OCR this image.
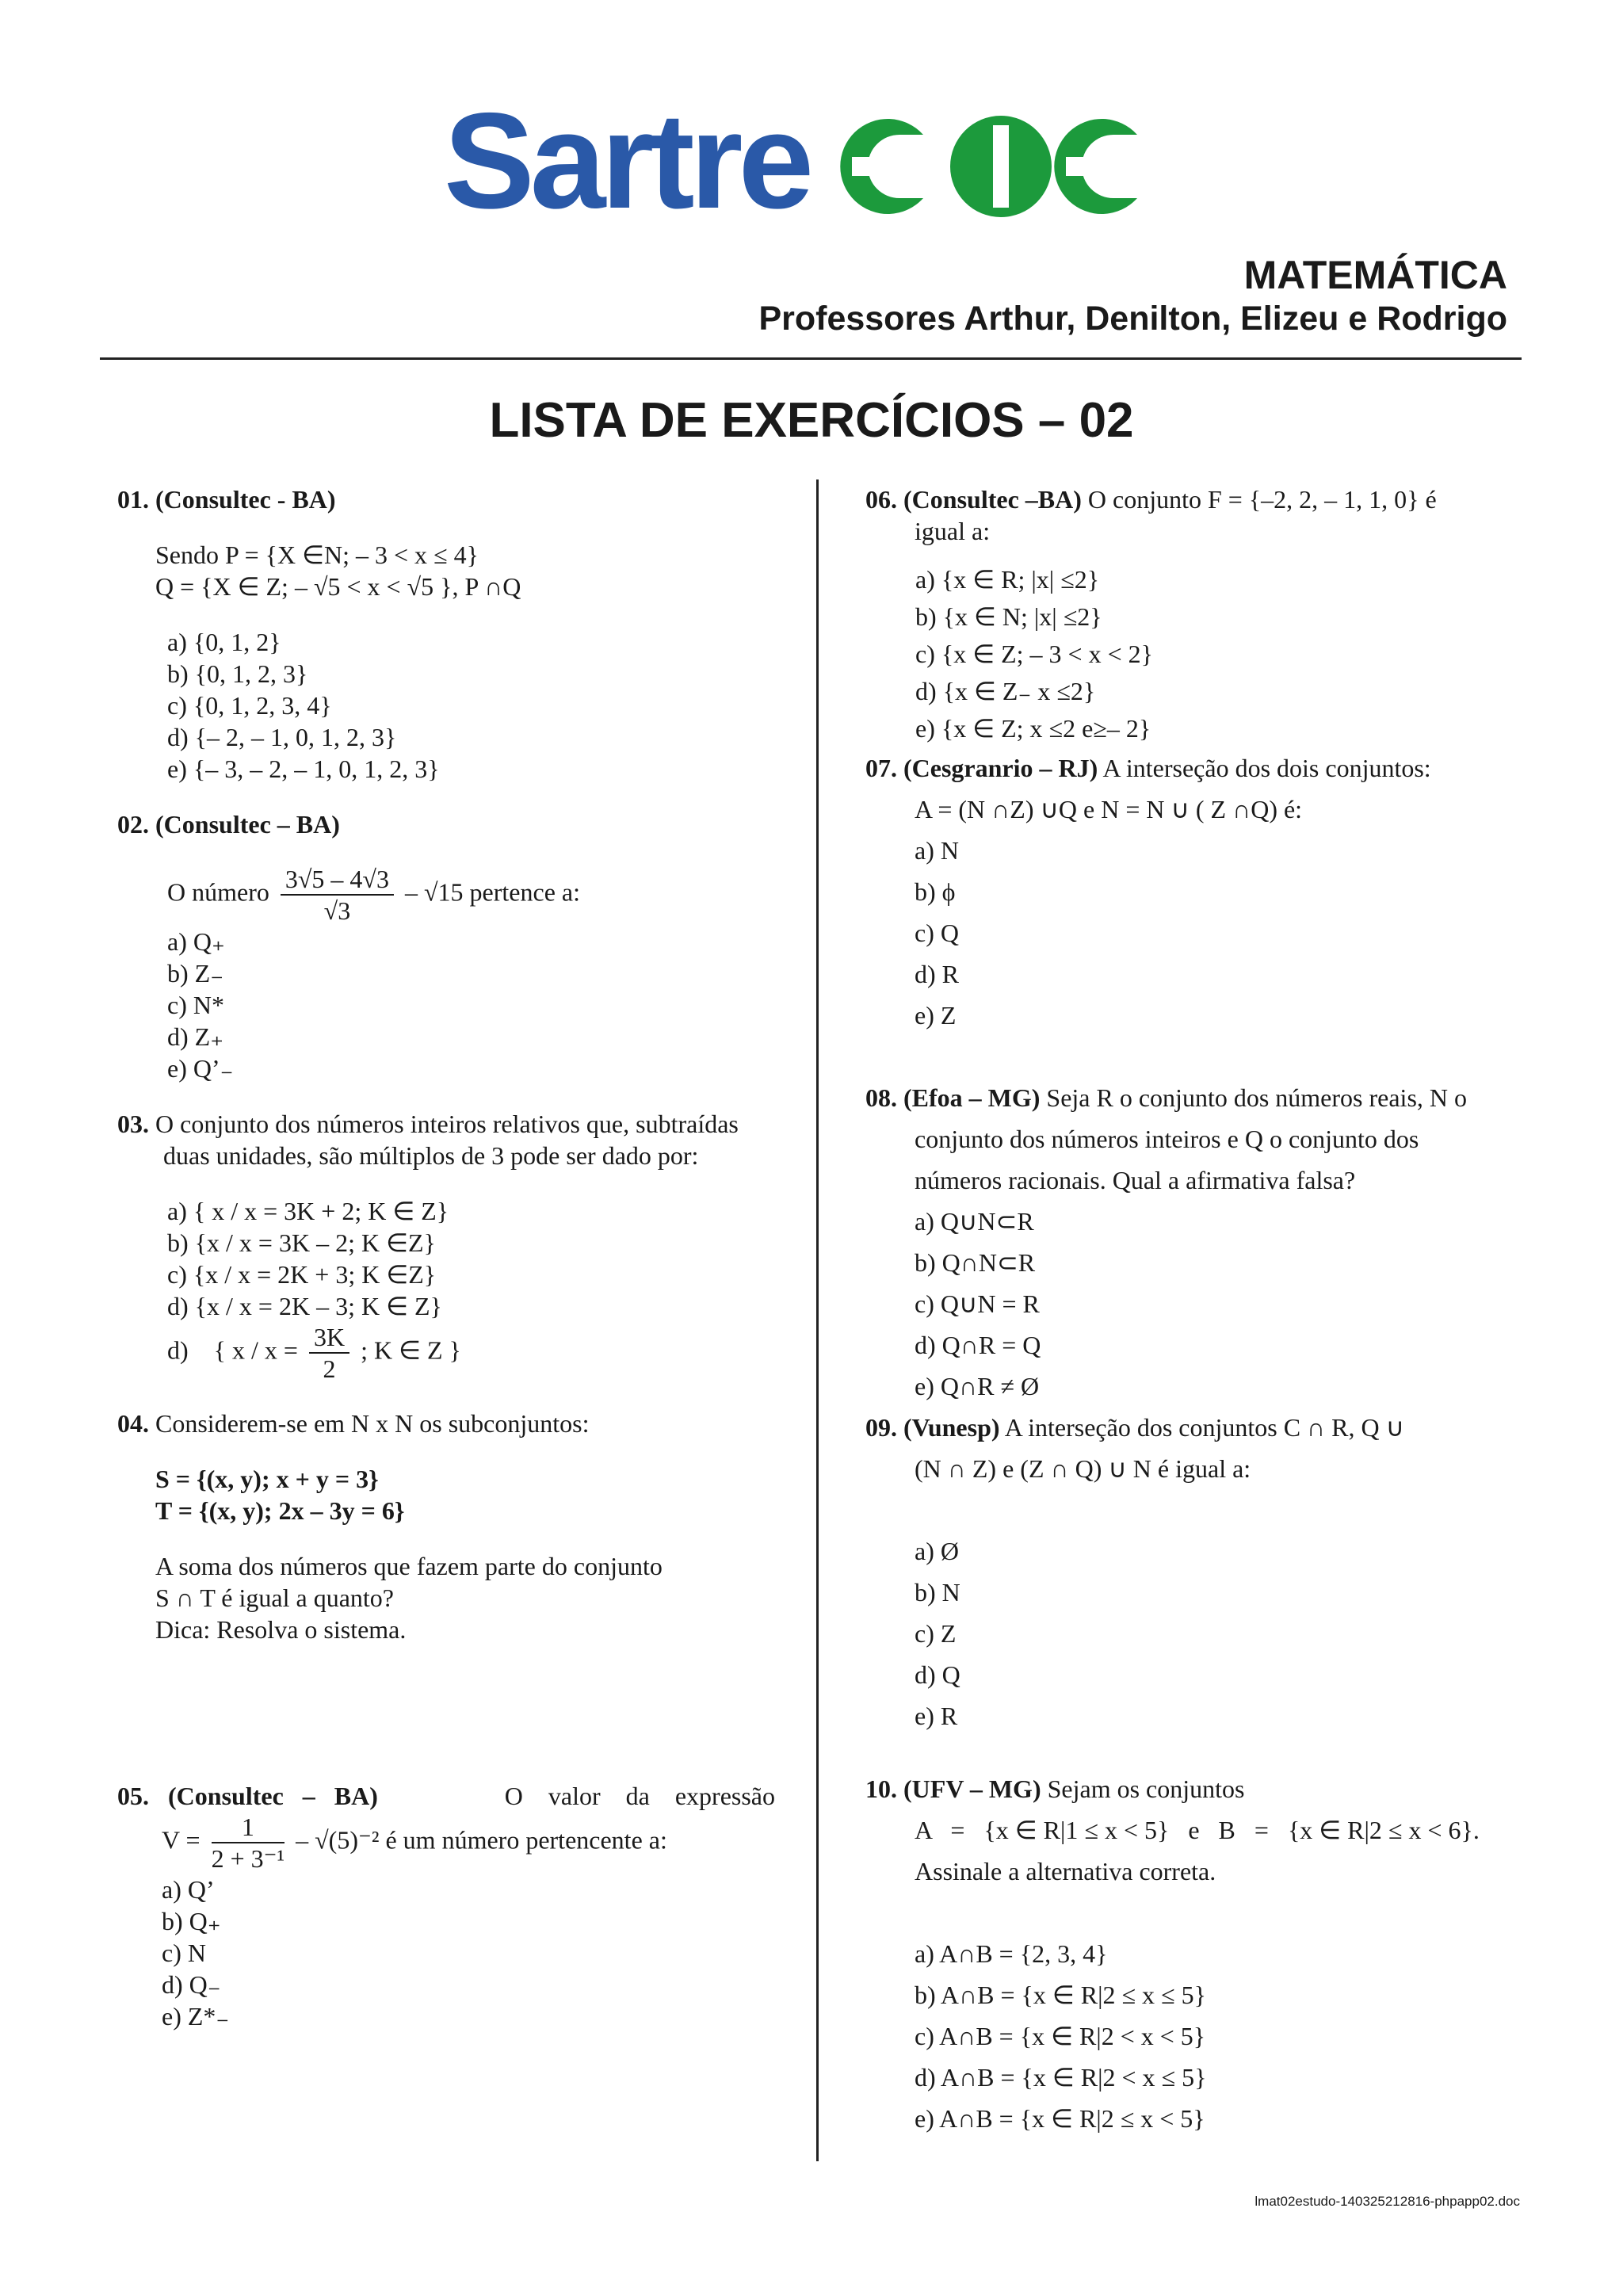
Sartre
MATEMÁTICA
Professores Arthur, Denilton, Elizeu e Rodrigo
LISTA DE EXERCÍCIOS – 02

01. (Consultec - BA)

Sendo P = {X ∈N; – 3 < x ≤ 4}

Q = {X ∈ Z; – √5 < x < √5 }, P ∩Q

a) {0, 1, 2}

b) {0, 1, 2, 3}

c) {0, 1, 2, 3, 4}

d) {– 2, – 1, 0, 1, 2, 3}

e) {– 3, – 2, – 1, 0, 1, 2, 3}

02. (Consultec – BA)

O número $\frac{3√5 - 4√3}{√3} - √15$ pertence a:

a) Q₊

b) Z₋

c) N*

d) Z₊

e) Q’₋

03. O conjunto dos números inteiros relativos que, subtraídas

duas unidades, são múltiplos de 3 pode ser dado por:

a) { x / x = 3K + 2; K ∈ Z}

b) {x / x = 3K – 2; K ∈Z}

c) {x / x = 2K + 3; K ∈Z}

d) {x / x = 2K – 3; K ∈ Z}

d) { $x / x = \frac{3K}{2}$ ; K ∈ Z }

04. Considerem-se em N x N os subconjuntos:

S = {(x, y); x + y = 3}

T = {(x, y); 2x – 3y = 6}

A soma dos números que fazem parte do conjunto

S ∩ T é igual a quanto?

Dica: Resolva o sistema.

05.   (Consultec   –   BA)	O    valor    da    expressão

$V = \frac{1}{\text{2 + 3⁻¹}} - √(5)^{-2}$ é um número pertencente a:

a) Q’

b) Q₊

c) N

d) Q₋

e) Z*₋

06. (Consultec –BA) O conjunto F = {–2, 2, – 1, 1, 0} é

igual a:

a) {x ∈ R; |x| ≤2}

b) {x ∈ N; |x| ≤2}

c) {x ∈ Z; – 3 < x < 2}

d) {x ∈ Z₋ x ≤2}

e) {x ∈ Z; x ≤2 e≥– 2}

07. (Cesgranrio – RJ) A interseção dos dois conjuntos:

A = (N ∩Z) ∪Q e N = N ∪ ( Z ∩Q) é:

a) N

b) ϕ

c) Q

d) R

e) Z

08. (Efoa – MG) Seja R o conjunto dos números reais, N o

conjunto dos números inteiros e Q o conjunto dos

números racionais. Qual a afirmativa falsa?

a) Q∪N⊂R

b) Q∩N⊂R

c) Q∪N = R

d) Q∩R = Q

e) Q∩R ≠ Ø

09. (Vunesp) A interseção dos conjuntos C ∩ R, Q ∪

(N ∩ Z) e (Z ∩ Q) ∪ N é igual a:

a) Ø

b) N

c) Z

d) Q

e) R

10. (UFV – MG) Sejam os conjuntos

A   =   {x ∈ R|1 ≤ x < 5}   e   B   =   {x ∈ R|2 ≤ x < 6}.

Assinale a alternativa correta.

a) A∩B = {2, 3, 4}

b) A∩B = {x ∈ R|2 ≤ x ≤ 5}

c) A∩B = {x ∈ R|2 < x < 5}

d) A∩B = {x ∈ R|2 < x ≤ 5}

e) A∩B = {x ∈ R|2 ≤ x < 5}

lmat02estudo-140325212816-phpapp02.doc
